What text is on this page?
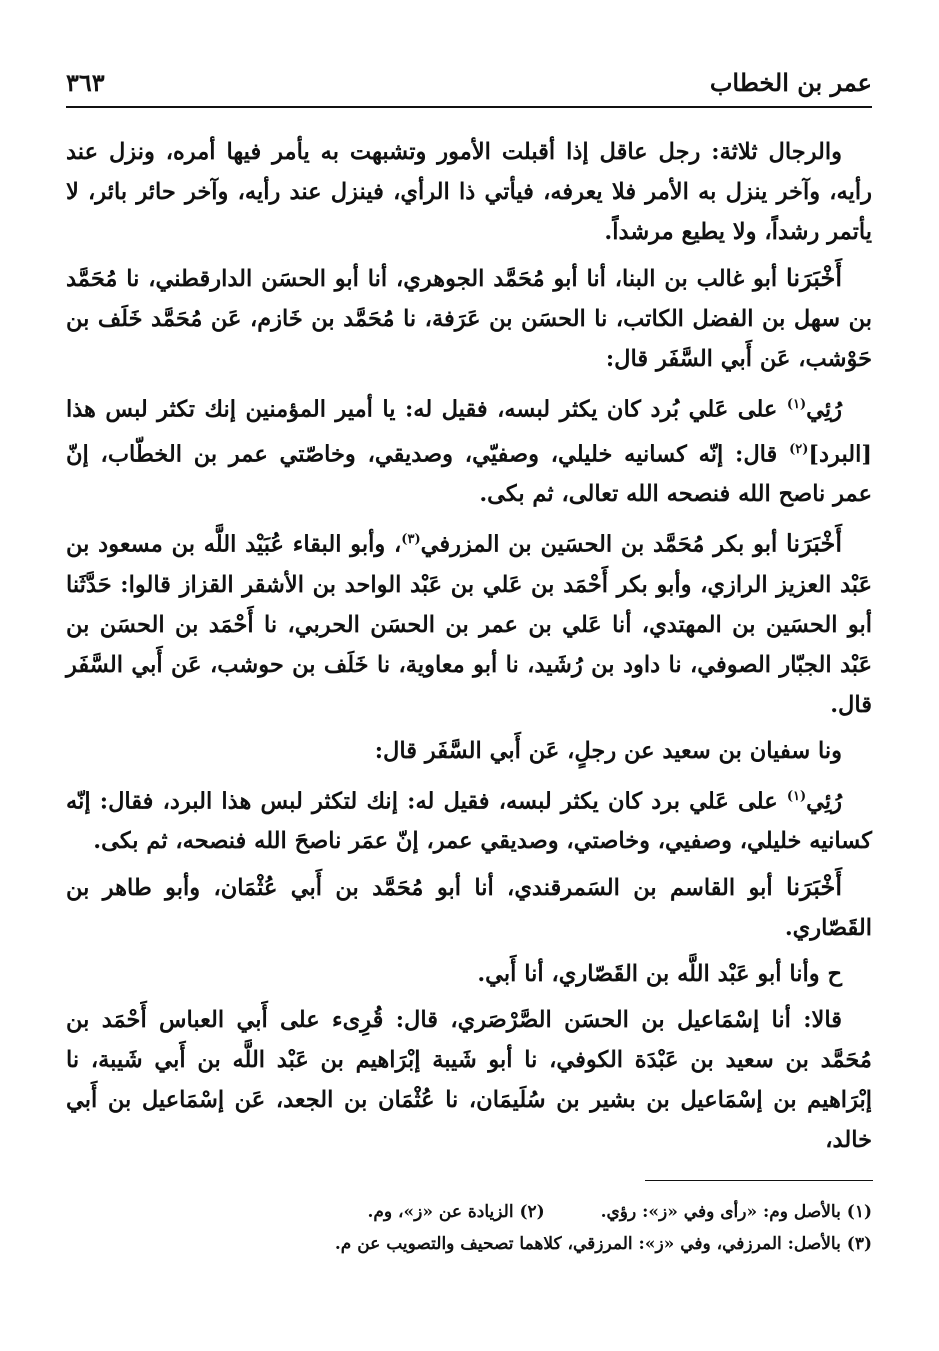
عمر بن الخطاب
٣٦٣

والرجال ثلاثة: رجل عاقل إذا أقبلت الأمور وتشبهت به يأمر فيها أمره، ونزل عند رأيه، وآخر ينزل به الأمر فلا يعرفه، فيأتي ذا الرأي، فينزل عند رأيه، وآخر حائر بائر، لا يأتمر رشداً، ولا يطيع مرشداً.

أَخْبَرَنا أبو غالب بن البنا، أنا أبو مُحَمَّد الجوهري، أنا أبو الحسَن الدارقطني، نا مُحَمَّد بن سهل بن الفضل الكاتب، نا الحسَن بن عَرَفة، نا مُحَمَّد بن خَازم، عَن مُحَمَّد خَلَف بن حَوْشب، عَن أَبي السَّفَر قال:

رُئِي$^{(١)}$ على عَلي بُرد كان يكثر لبسه، فقيل له: يا أمير المؤمنين إنك تكثر لبس هذا [البرد]$^{(٢)}$ قال: إنّه كسانيه خليلي، وصفيّي، وصديقي، وخاصّتي عمر بن الخطّاب، إنّ عمر ناصح الله فنصحه الله تعالى، ثم بكى.

أَخْبَرَنا أبو بكر مُحَمَّد بن الحسَين بن المزرفي$^{(٣)}$، وأبو البقاء عُبَيْد اللَّه بن مسعود بن عَبْد العزيز الرازي، وأبو بكر أَحْمَد بن عَلي بن عَبْد الواحد بن الأشقر القزاز قالوا: حَدَّثَنا أبو الحسَين بن المهتدي، أنا عَلي بن عمر بن الحسَن الحربي، نا أَحْمَد بن الحسَن بن عَبْد الجبّار الصوفي، نا داود بن رُشَيد، نا أبو معاوية، نا خَلَف بن حوشب، عَن أَبي السَّفَر قال.

ونا سفيان بن سعيد عن رجلٍ، عَن أَبي السَّفَر قال:

رُئِي$^{(١)}$ على عَلي برد كان يكثر لبسه، فقيل له: إنك لتكثر لبس هذا البرد، فقال: إنّه كسانيه خليلي، وصفيي، وخاصتي، وصديقي عمر، إنّ عمَر ناصحَ الله فنصحه، ثم بكى.

أَخْبَرَنا أبو القاسم بن السَمرقندي، أنا أبو مُحَمَّد بن أَبي عُثْمَان، وأبو طاهر بن القَصّاري.

ح وأنا أبو عَبْد اللَّه بن القَصّاري، أنا أَبي.

قالا: أنا إسْمَاعيل بن الحسَن الصَّرْصَري، قال: قُرِىء على أَبي العباس أَحْمَد بن مُحَمَّد بن سعيد بن عَبْدَة الكوفي، نا أبو شَيبة إبْرَاهيم بن عَبْد اللَّه بن أَبي شَيبة، نا إبْرَاهيم بن إسْمَاعيل بن بشير بن سُلَيمَان، نا عُثْمَان بن الجعد، عَن إسْمَاعيل بن أَبي خالد،

(١) بالأصل وم: «رأى وفي «ز»: رؤي.  (٢) الزيادة عن «ز»، وم.
(٣) بالأصل: المرزفي، وفي «ز»: المرزقي، كلاهما تصحيف والتصويب عن م.
